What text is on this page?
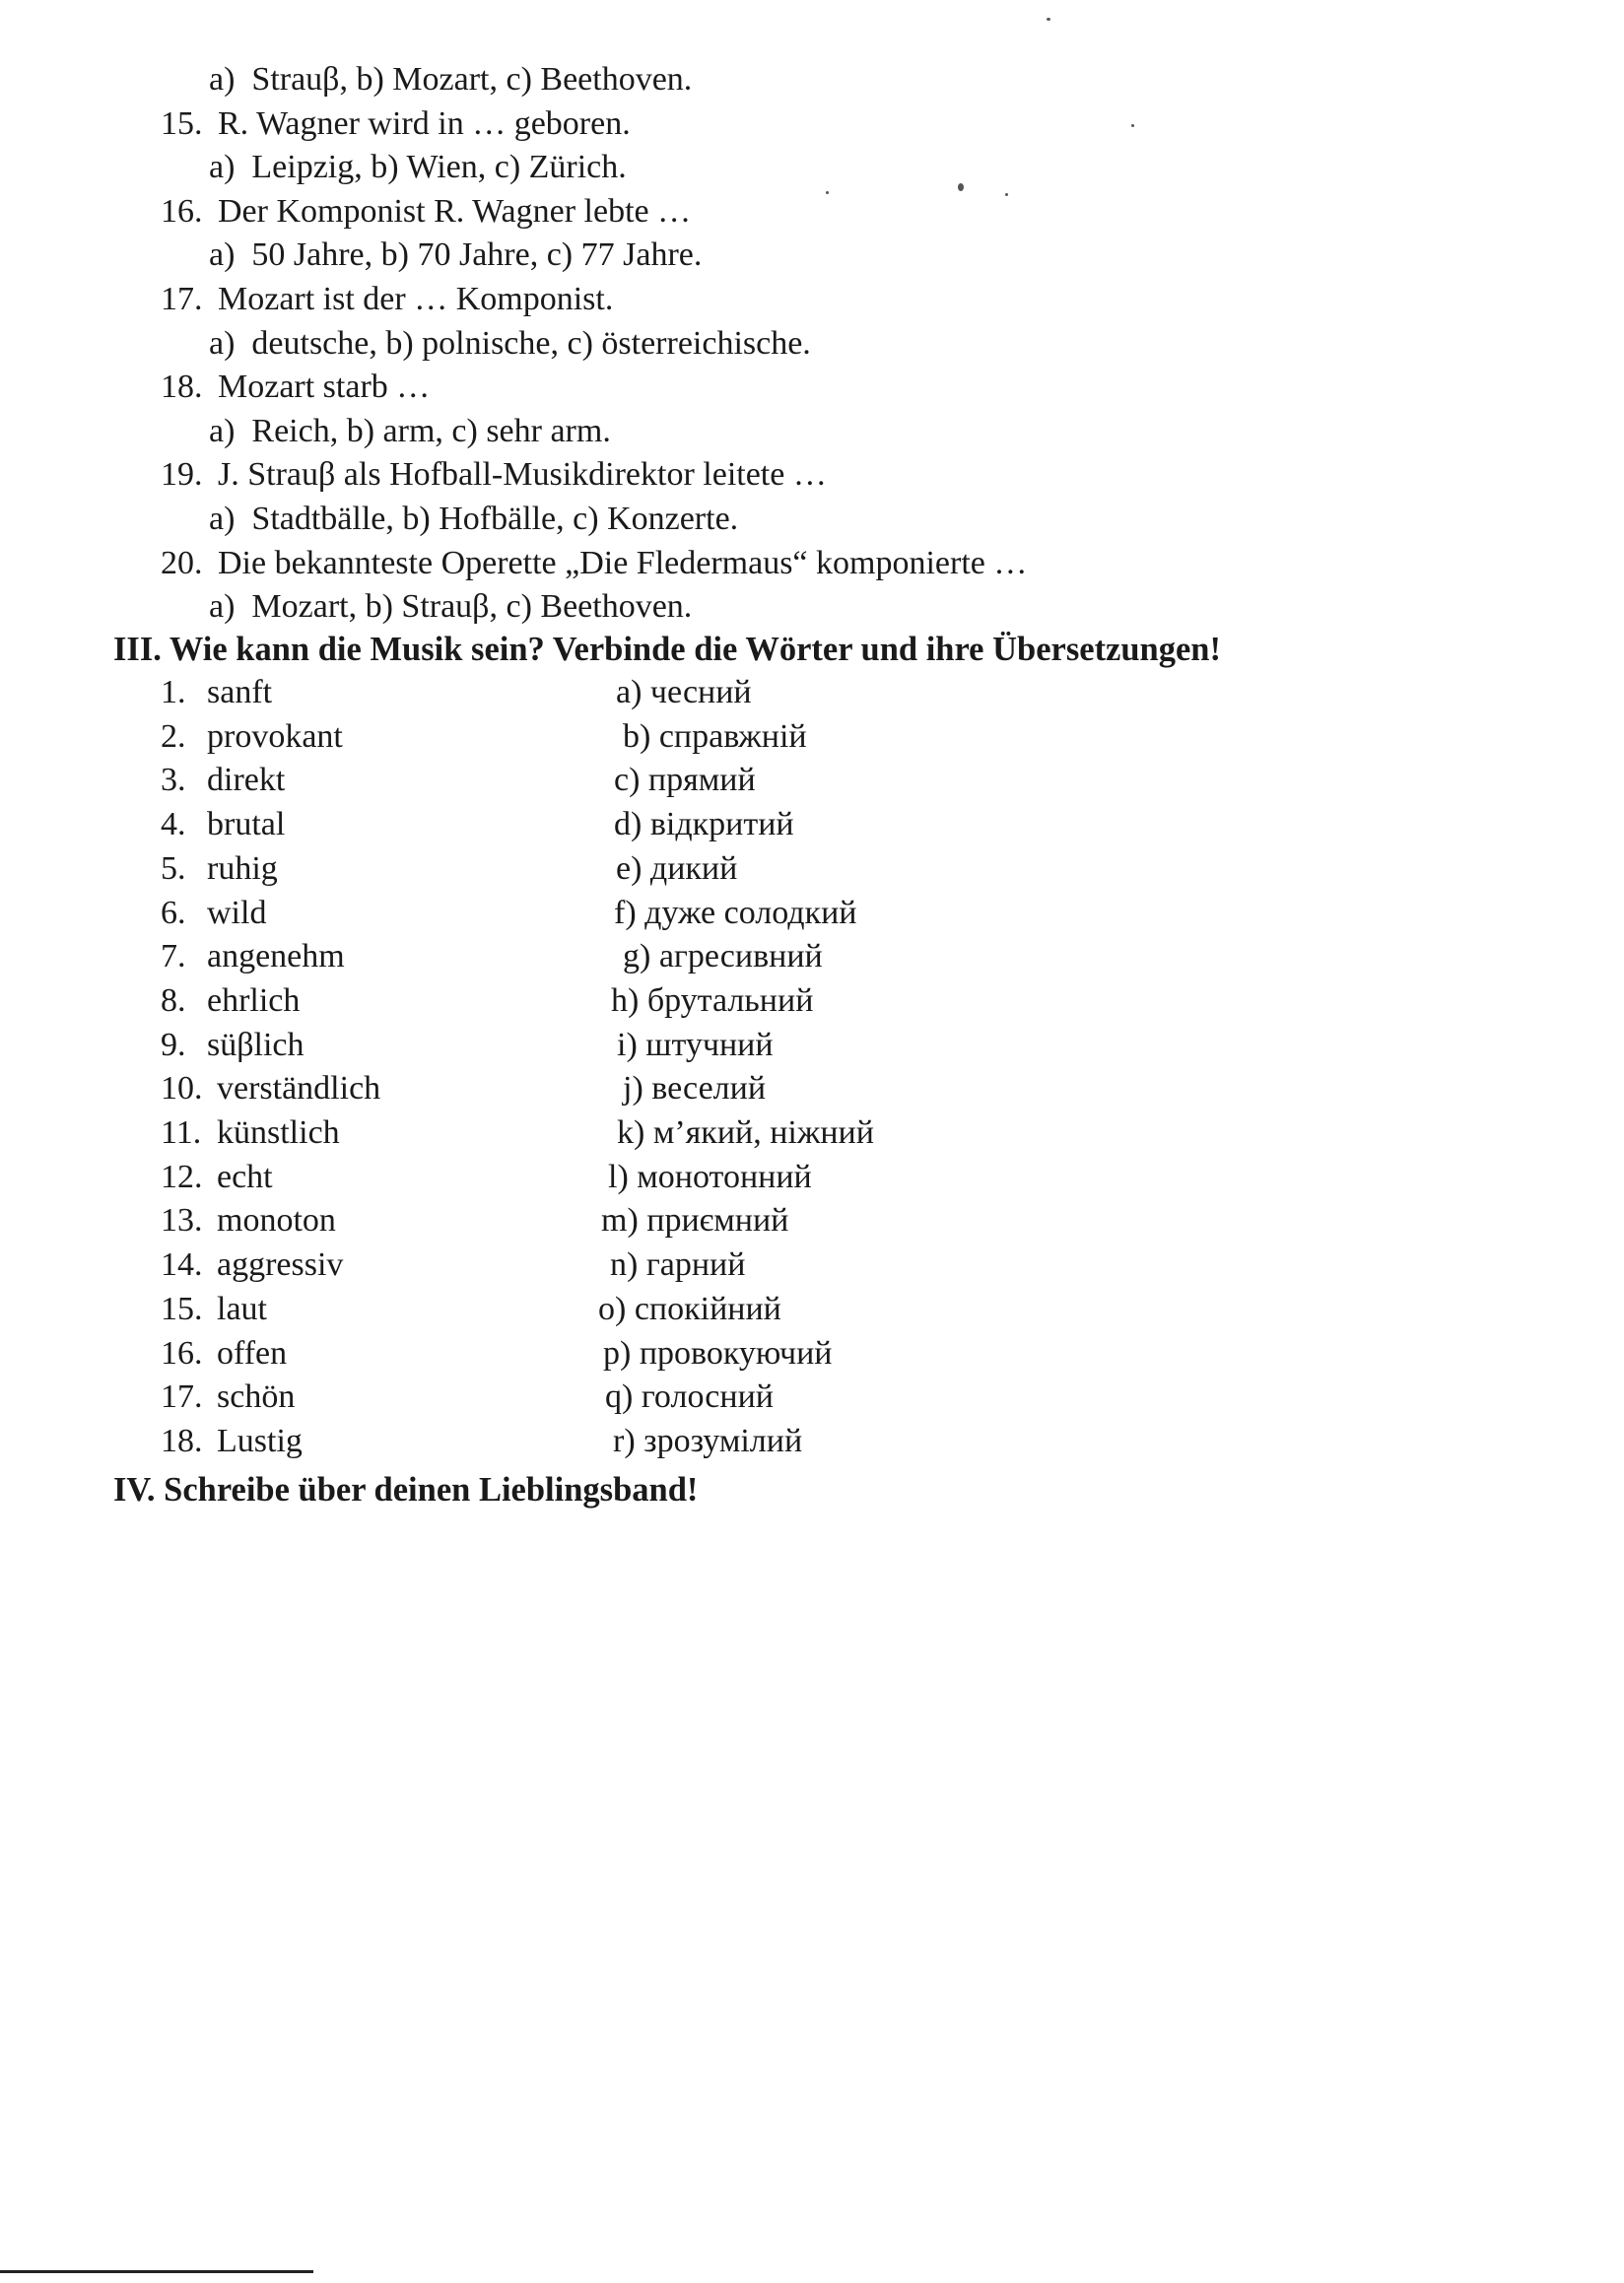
a)  Strauβ, b) Mozart, c) Beethoven.
15. R. Wagner wird in … geboren.
a)  Leipzig, b) Wien, c) Zürich.
16. Der Komponist R. Wagner lebte …
a)  50 Jahre, b) 70 Jahre, c) 77 Jahre.
17. Mozart ist der … Komponist.
a)  deutsche, b) polnische, c) österreichische.
18. Mozart starb …
a)  Reich, b) arm, c) sehr arm.
19. J. Strauβ als Hofball-Musikdirektor leitete …
a)  Stadtbälle, b) Hofbälle, c) Konzerte.
20. Die bekannteste Operette „Die Fledermaus“ komponierte …
a)  Mozart, b) Strauβ, c) Beethoven.
III. Wie kann die Musik sein? Verbinde die Wörter und ihre Übersetzungen!
1. sanft	a) чесний
2. provokant	b) справжній
3. direkt	c) прямий
4. brutal	d) відкритий
5. ruhig	e) дикий
6. wild	f) дуже солодкий
7. angenehm	g) агресивний
8. ehrlich	h) брутальний
9. süβlich	i) штучний
10. verständlich	j) веселий
11. künstlich	k) м’який, ніжний
12. echt	l) монотонний
13. monoton	m) приємний
14. aggressiv	n) гарний
15. laut	o) спокійний
16. offen	p) провокуючий
17. schön	q) голосний
18. Lustig	r) зрозумілий
IV. Schreibe über deinen Lieblingsband!
